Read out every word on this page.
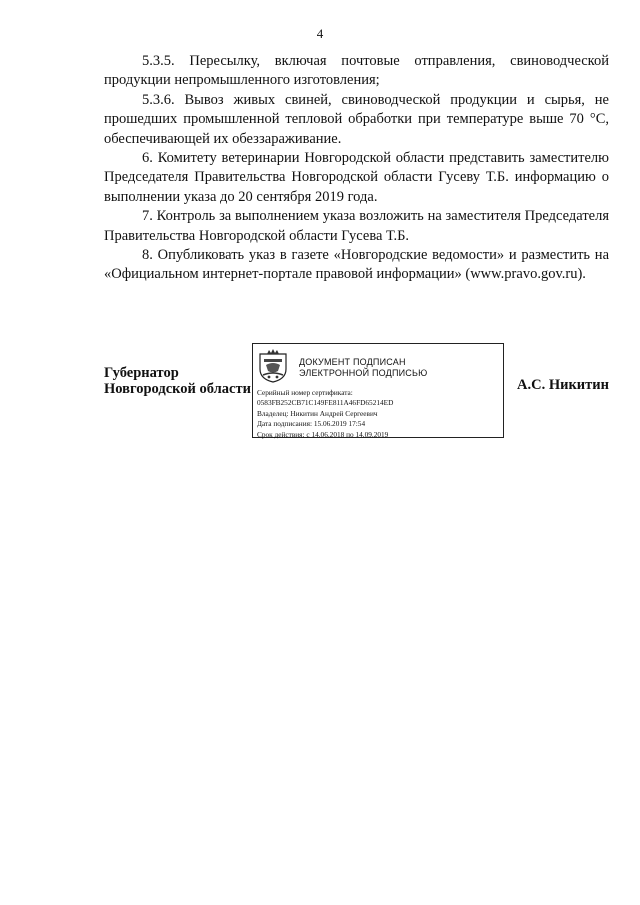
4

5.3.5. Пересылку, включая почтовые отправления, свиноводческой продукции непромышленного изготовления;

5.3.6. Вывоз живых свиней, свиноводческой продукции и сырья, не прошедших промышленной тепловой обработки при температуре выше 70 °С, обеспечивающей их обеззараживание.

6. Комитету ветеринарии Новгородской области представить заместителю Председателя Правительства Новгородской области Гусеву Т.Б. информацию о выполнении указа до 20 сентября 2019 года.

7. Контроль за выполнением указа возложить на заместителя Председателя Правительства Новгородской области Гусева Т.Б.

8. Опубликовать указ в газете «Новгородские ведомости» и разместить на «Официальном интернет-портале правовой информации» (www.pravo.gov.ru).

Губернатор
Новгородской области
ДОКУМЕНТ ПОДПИСАН
ЭЛЕКТРОННОЙ ПОДПИСЬЮ
Серийный номер сертификата:
0583FB252CB71C149FE811A46FD65214ED
Владелец: Никитин Андрей Сергеевич
Дата подписания: 15.06.2019 17:54
Срок действия: с 14.06.2018 по 14.09.2019
А.С. Никитин
